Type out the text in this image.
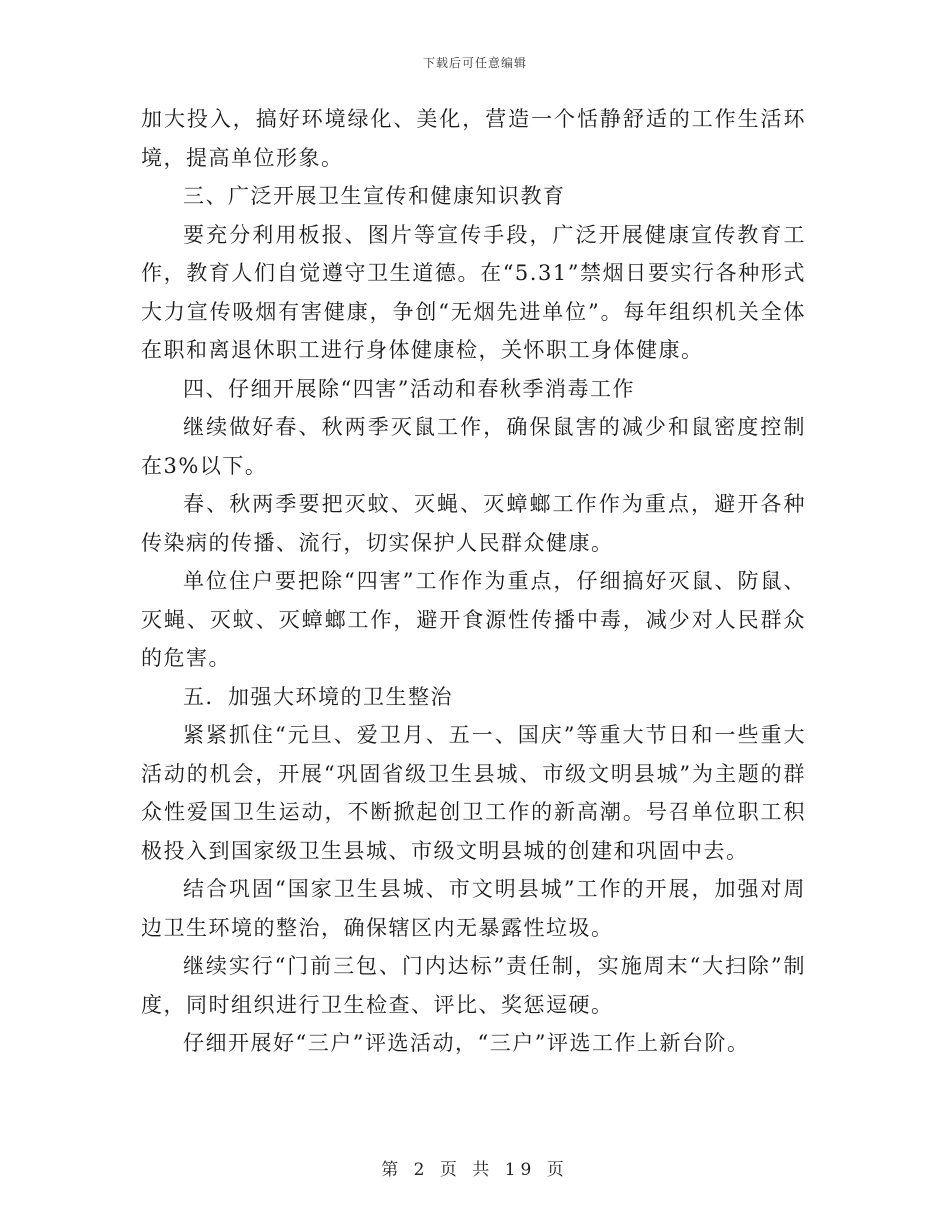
下载后可任意编辑

加大投入，搞好环境绿化、美化，营造一个恬静舒适的工作生活环境，提高单位形象。

三、广泛开展卫生宣传和健康知识教育

要充分利用板报、图片等宣传手段，广泛开展健康宣传教育工作，教育人们自觉遵守卫生道德。在“5.31”禁烟日要实行各种形式大力宣传吸烟有害健康，争创“无烟先进单位”。每年组织机关全体在职和离退休职工进行身体健康检，关怀职工身体健康。

四、仔细开展除“四害”活动和春秋季消毒工作

继续做好春、秋两季灭鼠工作，确保鼠害的减少和鼠密度控制在3%以下。

春、秋两季要把灭蚊、灭蝇、灭蟑螂工作作为重点，避开各种传染病的传播、流行，切实保护人民群众健康。

单位住户要把除“四害”工作作为重点，仔细搞好灭鼠、防鼠、灭蝇、灭蚊、灭蟑螂工作，避开食源性传播中毒，减少对人民群众的危害。

五．加强大环境的卫生整治

紧紧抓住“元旦、爱卫月、五一、国庆”等重大节日和一些重大活动的机会，开展“巩固省级卫生县城、市级文明县城”为主题的群众性爱国卫生运动，不断掀起创卫工作的新高潮。号召单位职工积极投入到国家级卫生县城、市级文明县城的创建和巩固中去。

结合巩固“国家卫生县城、市文明县城”工作的开展，加强对周边卫生环境的整治，确保辖区内无暴露性垃圾。

继续实行“门前三包、门内达标”责任制，实施周末“大扫除”制度，同时组织进行卫生检查、评比、奖惩逗硬。

仔细开展好“三户”评选活动，“三户”评选工作上新台阶。

第 2 页 共 19 页
